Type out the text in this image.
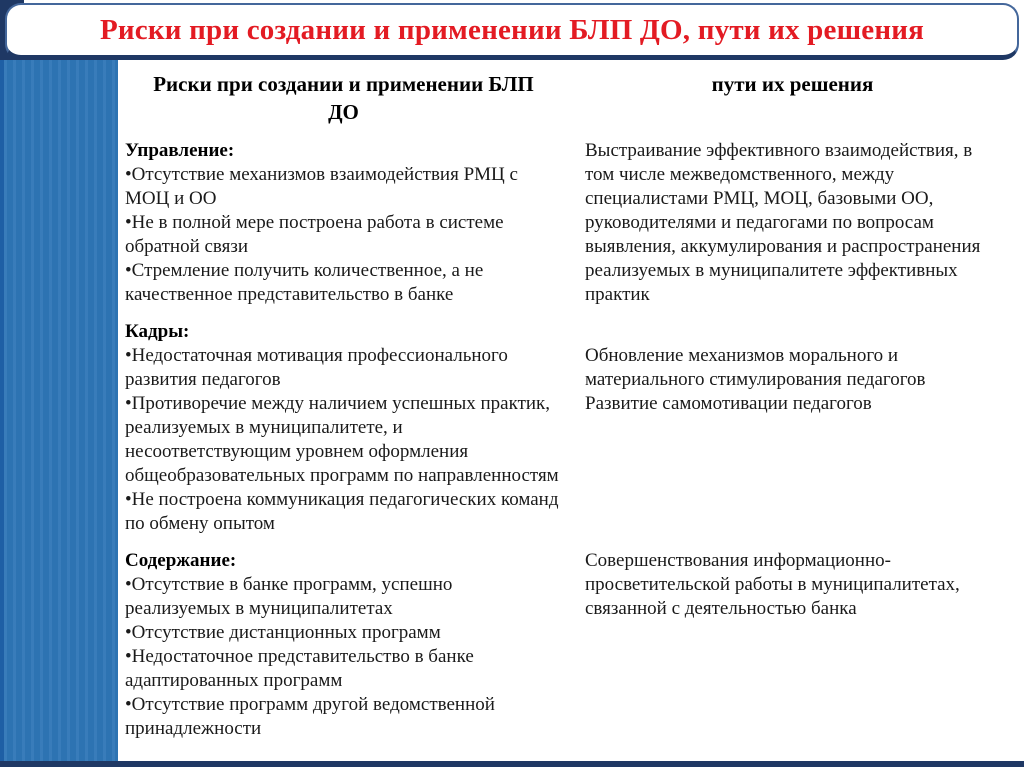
Риски при создании и применении БЛП ДО, пути их решения
Риски при создании и применении БЛП ДО
пути их решения
Управление:
• Отсутствие механизмов взаимодействия РМЦ с МОЦ и ОО
• Не в полной мере построена работа в системе обратной связи
• Стремление получить количественное, а не качественное представительство в банке

Выстраивание эффективного взаимодействия, в том числе межведомственного, между специалистами РМЦ, МОЦ, базовыми ОО, руководителями и педагогами по вопросам выявления, аккумулирования и распространения реализуемых в муниципалитете эффективных практик

Кадры:
• Недостаточная мотивация профессионального развития педагогов
• Противоречие между наличием успешных практик, реализуемых в муниципалитете, и несоответствующим уровнем оформления общеобразовательных программ по направленностям
• Не построена коммуникация педагогических команд по обмену опытом

Обновление механизмов морального и материального стимулирования педагогов

Развитие самомотивации педагогов

Содержание:
• Отсутствие в банке программ, успешно реализуемых в муниципалитетах
• Отсутствие дистанционных программ
• Недостаточное представительство в банке адаптированных программ
• Отсутствие программ другой ведомственной принадлежности

Совершенствования информационно-просветительской работы в муниципалитетах, связанной с деятельностью банка
